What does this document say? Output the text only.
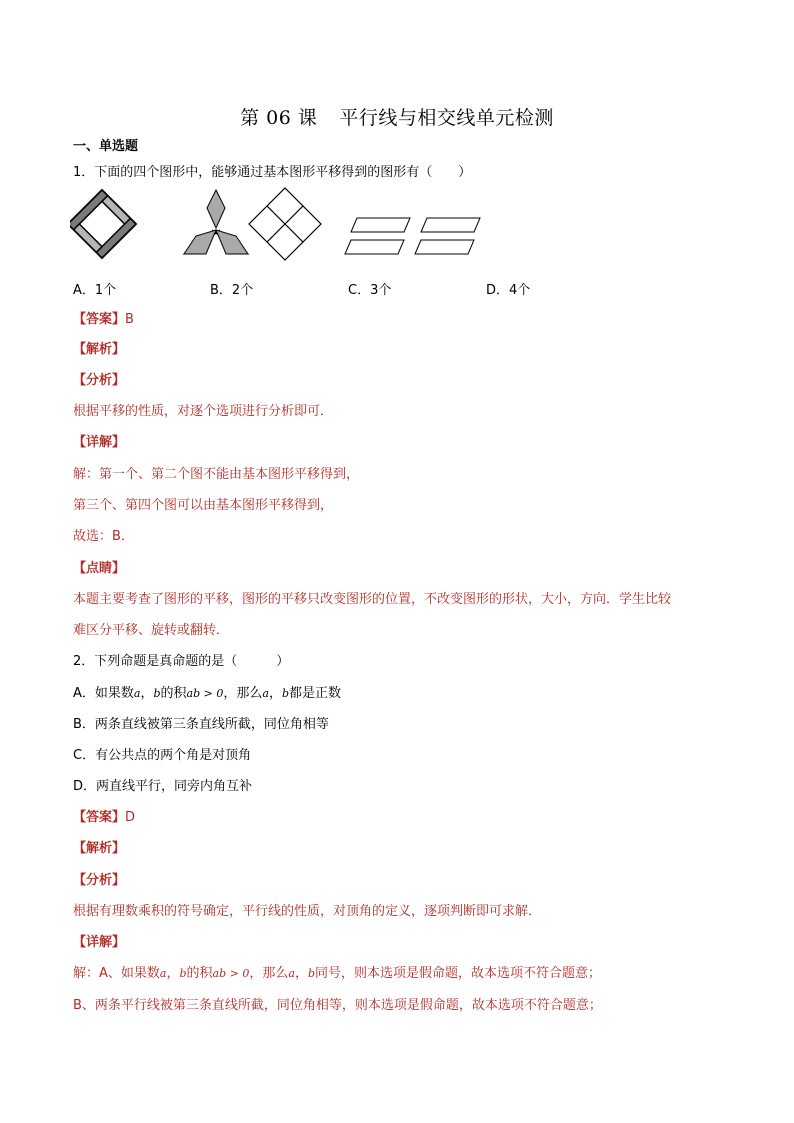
第 06 课 平行线与相交线单元检测
一、单选题
1．下面的四个图形中，能够通过基本图形平移得到的图形有（　　）
A．1个	B．2个	C．3个	D．4个
【答案】B
【解析】
【分析】
根据平移的性质，对逐个选项进行分析即可．
【详解】
解：第一个、第二个图不能由基本图形平移得到，
第三个、第四个图可以由基本图形平移得到，
故选：B．
【点睛】
本题主要考查了图形的平移，图形的平移只改变图形的位置，不改变图形的形状，大小，方向．学生比较
难区分平移、旋转或翻转．
2．下列命题是真命题的是（　　　）
A．如果数a，b的积ab > 0，那么a，b都是正数
B．两条直线被第三条直线所截，同位角相等
C．有公共点的两个角是对顶角
D．两直线平行，同旁内角互补
【答案】D
【解析】
【分析】
根据有理数乘积的符号确定，平行线的性质，对顶角的定义，逐项判断即可求解．
【详解】
解：A、如果数a，b的积ab > 0，那么a，b同号，则本选项是假命题，故本选项不符合题意；
B、两条平行线被第三条直线所截，同位角相等，则本选项是假命题，故本选项不符合题意；
